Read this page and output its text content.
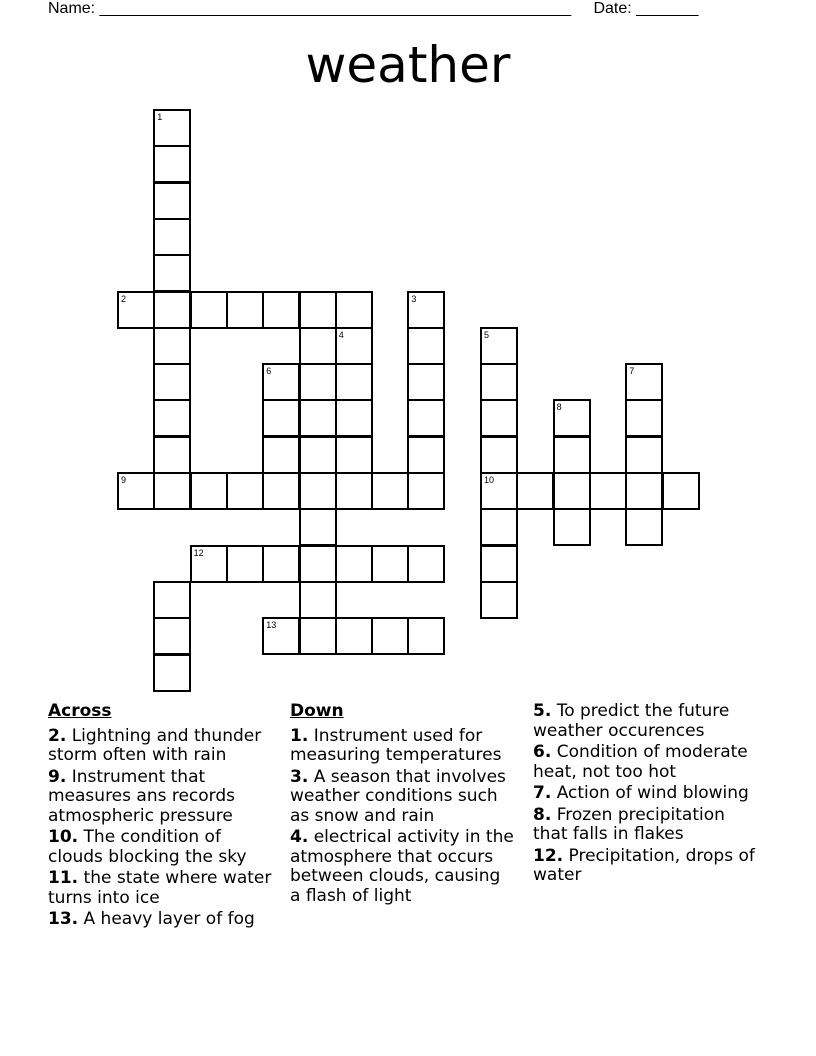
Name: _____________________________________________________ Date: _______
weather
1
2
4
6
3
9
5
10
8
7
12
13
Across
2. Lightning and thunder storm often with rain
9. Instrument that measures ans records atmospheric pressure
10. The condition of clouds blocking the sky
11. the state where water turns into ice
13. A heavy layer of fog
Down
1. Instrument used for measuring temperatures
3. A season that involves weather conditions such as snow and rain
4. electrical activity in the atmosphere that occurs between clouds, causing a flash of light
5. To predict the future weather occurences
6. Condition of moderate heat, not too hot
7. Action of wind blowing
8. Frozen precipitation that falls in flakes
12. Precipitation, drops of water
